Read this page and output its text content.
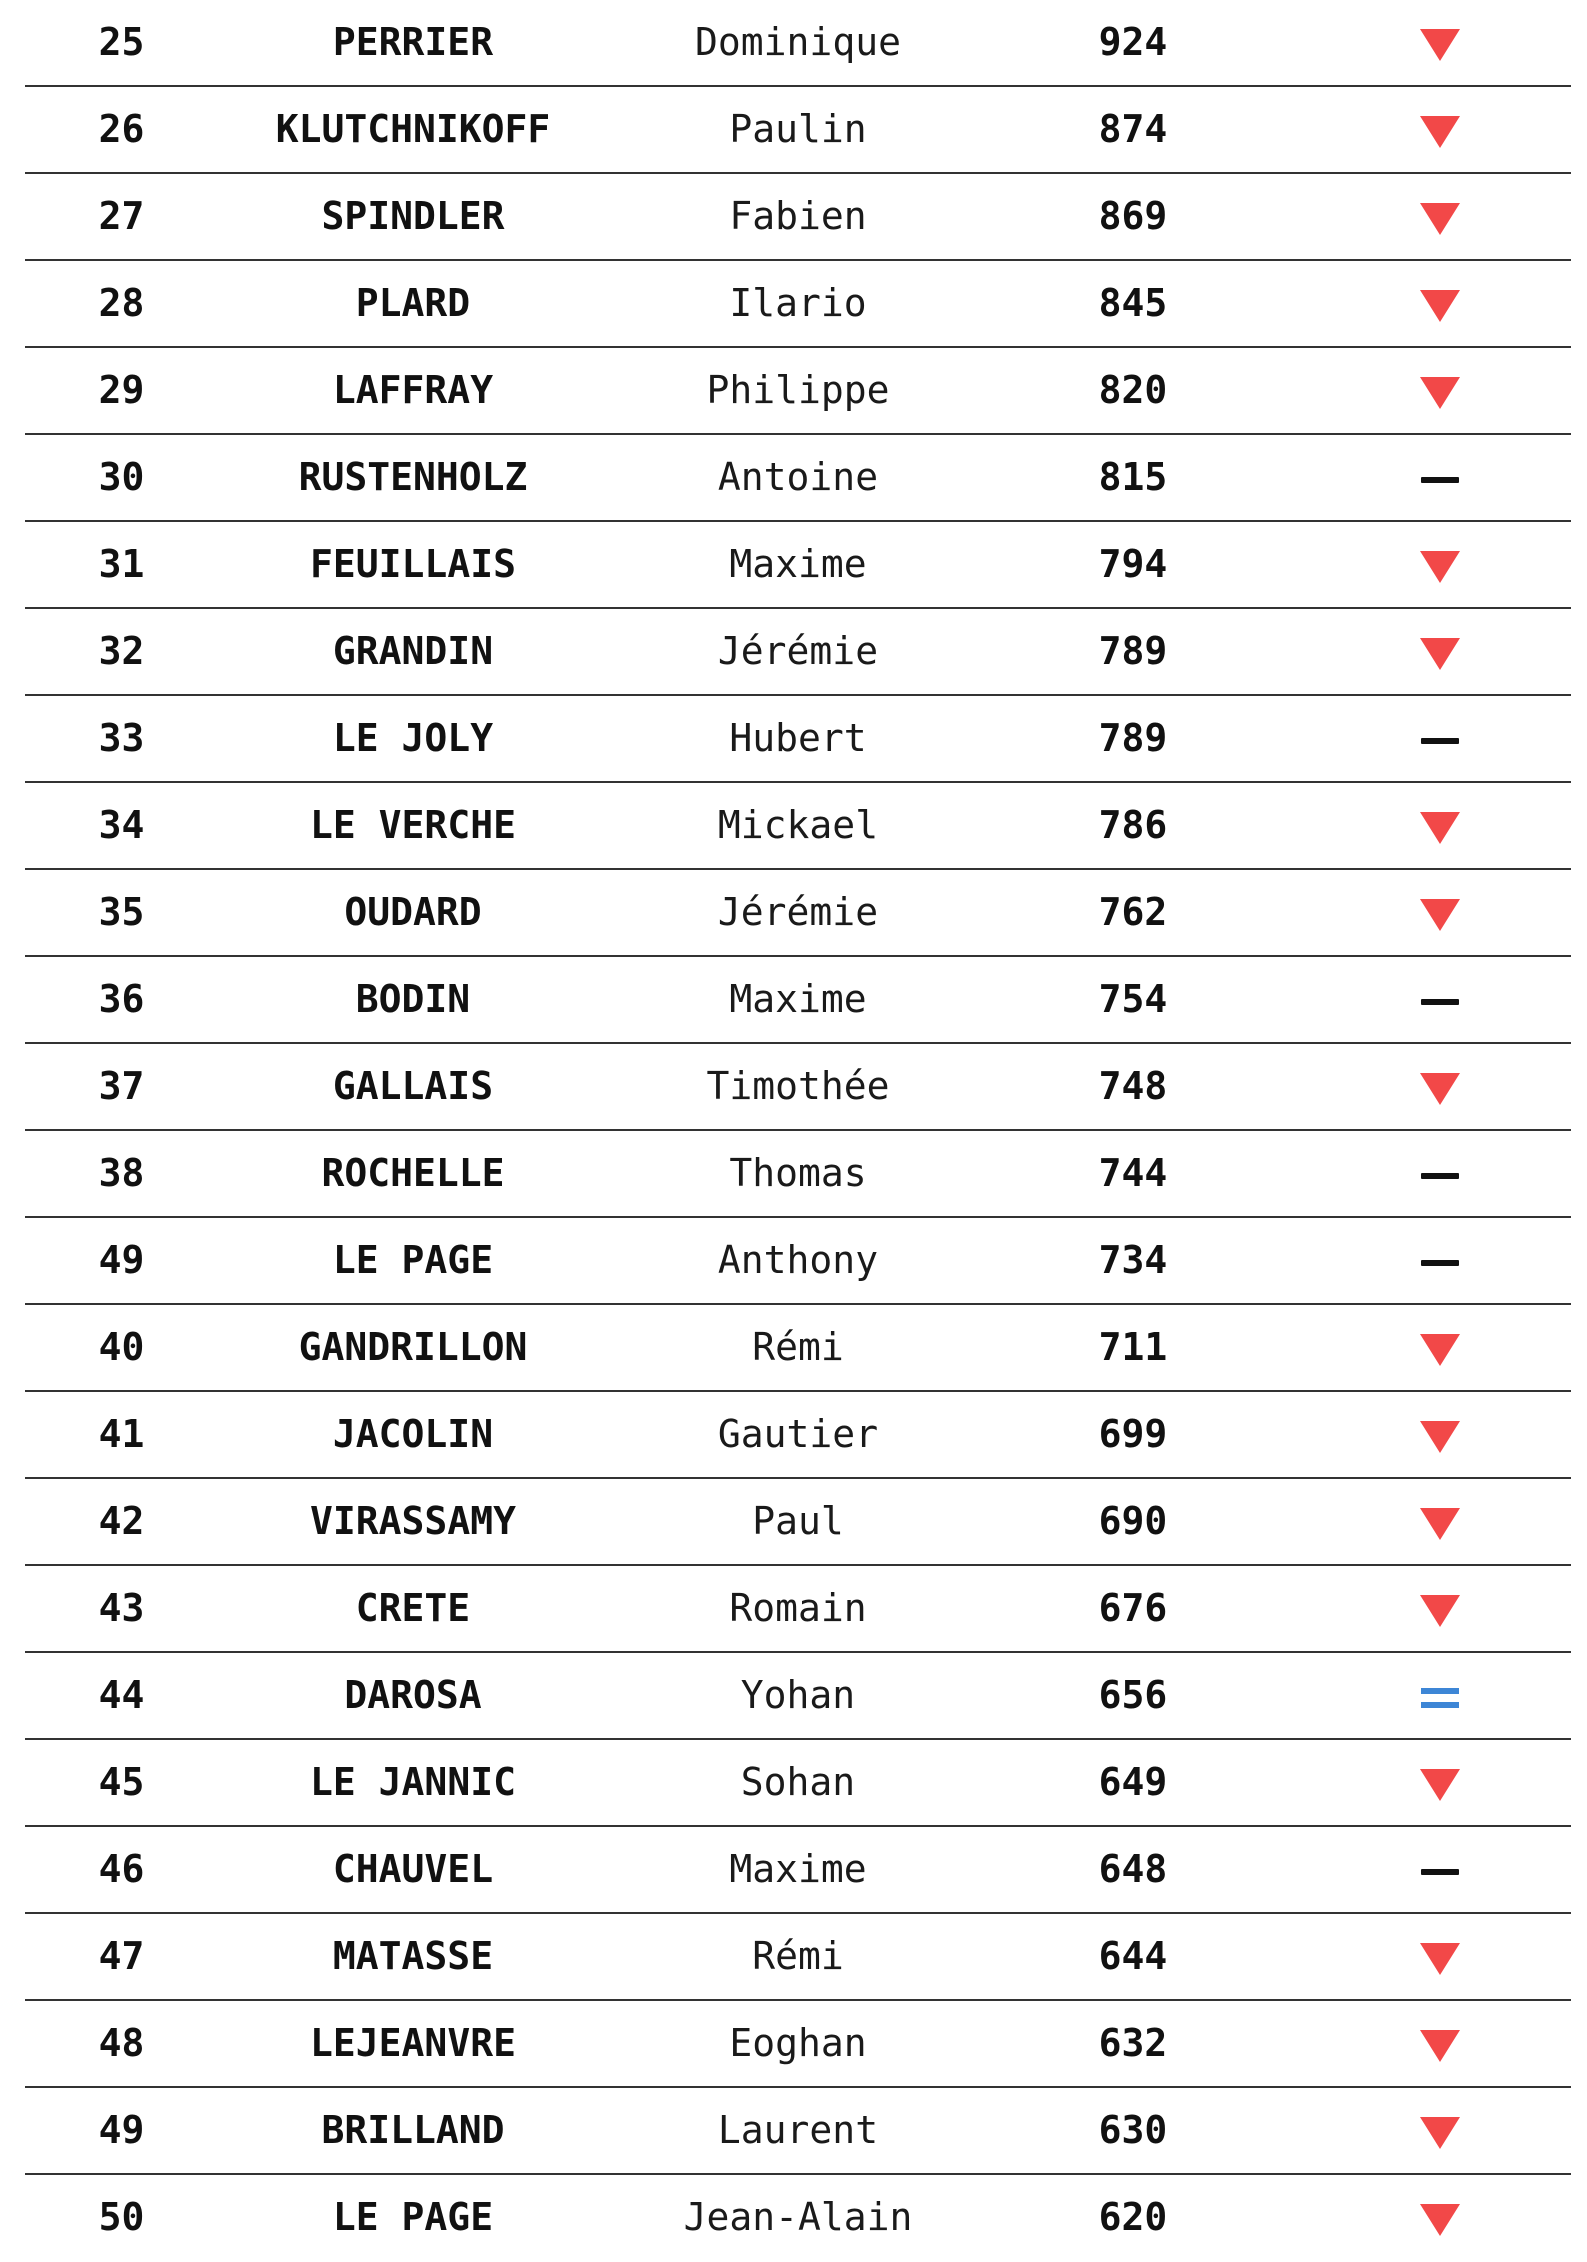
25	PERRIER	Dominique	924
26	KLUTCHNIKOFF	Paulin	874
27	SPINDLER	Fabien	869
28	PLARD	Ilario	845
29	LAFFRAY	Philippe	820
30	RUSTENHOLZ	Antoine	815
31	FEUILLAIS	Maxime	794
32	GRANDIN	Jérémie	789
33	LE JOLY	Hubert	789
34	LE VERCHE	Mickael	786
35	OUDARD	Jérémie	762
36	BODIN	Maxime	754
37	GALLAIS	Timothée	748
38	ROCHELLE	Thomas	744
49	LE PAGE	Anthony	734
40	GANDRILLON	Rémi	711
41	JACOLIN	Gautier	699
42	VIRASSAMY	Paul	690
43	CRETE	Romain	676
44	DAROSA	Yohan	656
45	LE JANNIC	Sohan	649
46	CHAUVEL	Maxime	648
47	MATASSE	Rémi	644
48	LEJEANVRE	Eoghan	632
49	BRILLAND	Laurent	630
50	LE PAGE	Jean-Alain	620
